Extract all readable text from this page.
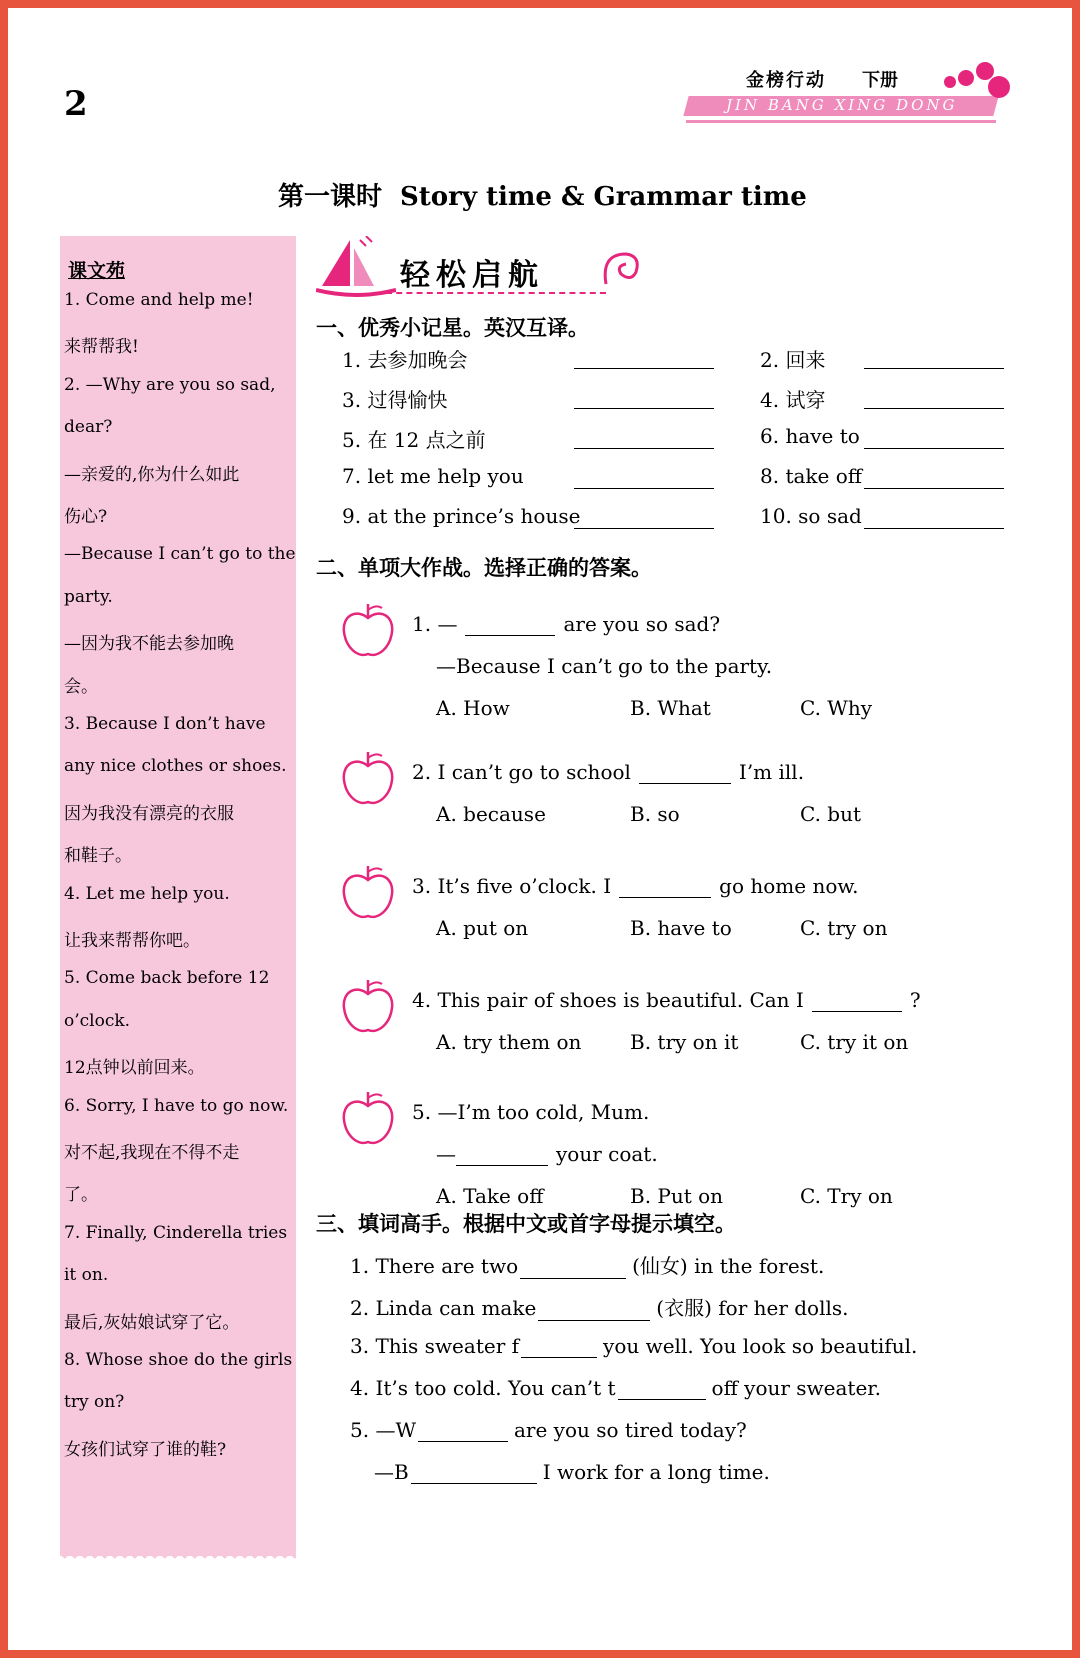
2
金榜行动 下册
JIN BANG XING DONG
第一课时 Story time & Grammar time
课文苑
1. Come and help me!
来帮帮我!
2. —Why are you so sad,
dear?
—亲爱的,你为什么如此
伤心?
—Because I can’t go to the
party.
—因为我不能去参加晚
会。
3. Because I don’t have
any nice clothes or shoes.
因为我没有漂亮的衣服
和鞋子。
4. Let me help you.
让我来帮帮你吧。
5. Come back before 12
o’clock.
12点钟以前回来。
6. Sorry, I have to go now.
对不起,我现在不得不走
了。
7. Finally, Cinderella tries
it on.
最后,灰姑娘试穿了它。
8. Whose shoe do the girls
try on?
女孩们试穿了谁的鞋?
轻松启航
一、优秀小记星。英汉互译。
1. 去参加晚会	2. 回来
3. 过得愉快	4. 试穿
5. 在 12 点之前	6. have to
7. let me help you	8. take off
9. at the prince’s house	10. so sad
二、单项大作战。选择正确的答案。
1. —	are you so sad?
—Because I can’t go to the party.
A. How	B. What	C. Why
2. I can’t go to school	I’m ill.
A. because	B. so	C. but
3. It’s five o’clock. I	go home now.
A. put on	B. have to	C. try on
4. This pair of shoes is beautiful. Can I	?
A. try them on B. try on it	C. try it on
5. —I’m too cold, Mum.
—	your coat.
A. Take off	B. Put on	C. Try on
三、填词高手。根据中文或首字母提示填空。
1. There are two	(仙女) in the forest.
2. Linda can make	(衣服) for her dolls.
3. This sweater f	you well. You look so beautiful.
4. It’s too cold. You can’t t	off your sweater.
5. —W	are you so tired today?
—B	I work for a long time.
